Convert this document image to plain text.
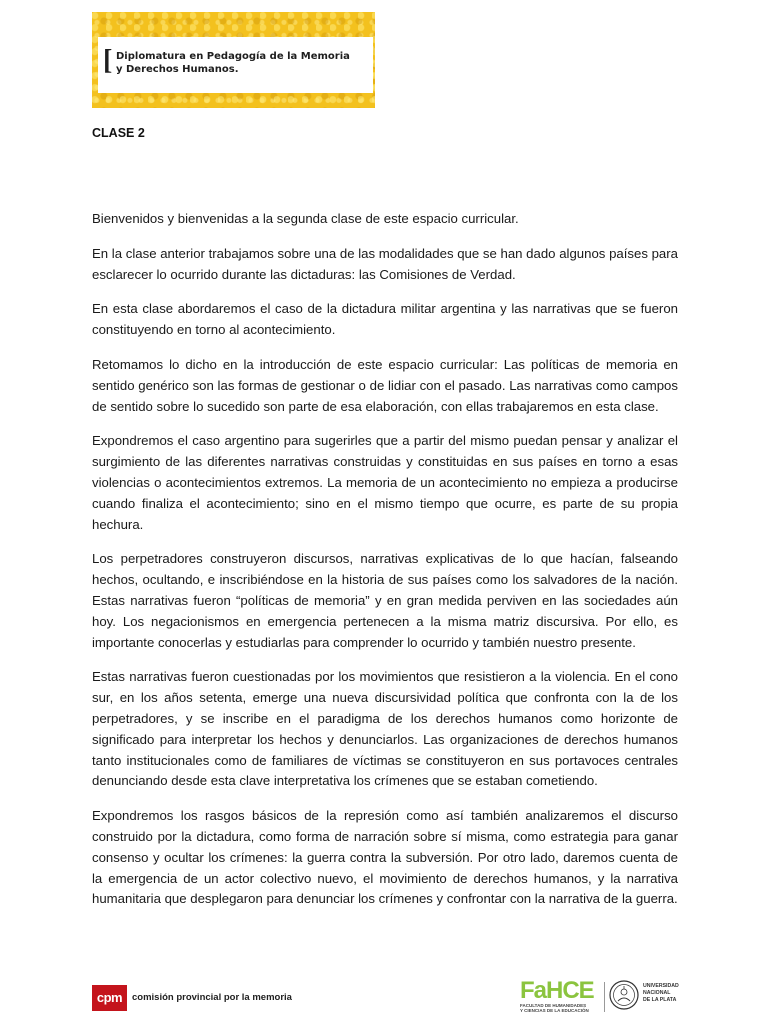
[ Diplomatura en Pedagogía de la Memoria
y Derechos Humanos.
CLASE 2

Bienvenidos y bienvenidas a la segunda clase de este espacio curricular.

En la clase anterior trabajamos sobre una de las modalidades que se han dado algunos países para esclarecer lo ocurrido durante las dictaduras: las Comisiones de Verdad.

En esta clase abordaremos el caso de la dictadura militar argentina y las narrativas que se fueron constituyendo en torno al acontecimiento.

Retomamos lo dicho en la introducción de este espacio curricular: Las políticas de memoria en sentido genérico son las formas de gestionar o de lidiar con el pasado. Las narrativas como campos de sentido sobre lo sucedido son parte de esa elaboración, con ellas trabajaremos en esta clase.

Expondremos el caso argentino para sugerirles que a partir del mismo puedan pensar y analizar el surgimiento de las diferentes narrativas construidas y constituidas en sus países en torno a esas violencias o acontecimientos extremos. La memoria de un acontecimiento no empieza a producirse cuando finaliza el acontecimiento; sino en el mismo tiempo que ocurre, es parte de su propia hechura.

Los perpetradores construyeron discursos, narrativas explicativas de lo que hacían, falseando hechos, ocultando, e inscribiéndose en la historia de sus países como los salvadores de la nación. Estas narrativas fueron “políticas de memoria” y en gran medida perviven en las sociedades aún hoy. Los negacionismos en emergencia pertenecen a la misma matriz discursiva. Por ello, es importante conocerlas y estudiarlas para comprender lo ocurrido y también nuestro presente.

Estas narrativas fueron cuestionadas por los movimientos que resistieron a la violencia. En el cono sur, en los años setenta, emerge una nueva discursividad política que confronta con la de los perpetradores, y se inscribe en el paradigma de los derechos humanos como horizonte de significado para interpretar los hechos y denunciarlos. Las organizaciones de derechos humanos tanto institucionales como de familiares de víctimas se constituyeron en sus portavoces centrales denunciando desde esta clave interpretativa los crímenes que se estaban cometiendo.

Expondremos los rasgos básicos de la represión como así también analizaremos el discurso construido por la dictadura, como forma de narración sobre sí misma, como estrategia para ganar consenso y ocultar los crímenes: la guerra contra la subversión. Por otro lado, daremos cuenta de la emergencia de un actor colectivo nuevo, el movimiento de derechos humanos, y la narrativa humanitaria que desplegaron para denunciar los crímenes y confrontar con la narrativa de la guerra.

cpm	comisión provincial por la memoria	FaHCE
FACULTAD DE HUMANIDADES
Y CIENCIAS DE LA EDUCACIÓN
UNIVERSIDAD
NACIONAL
DE LA PLATA
